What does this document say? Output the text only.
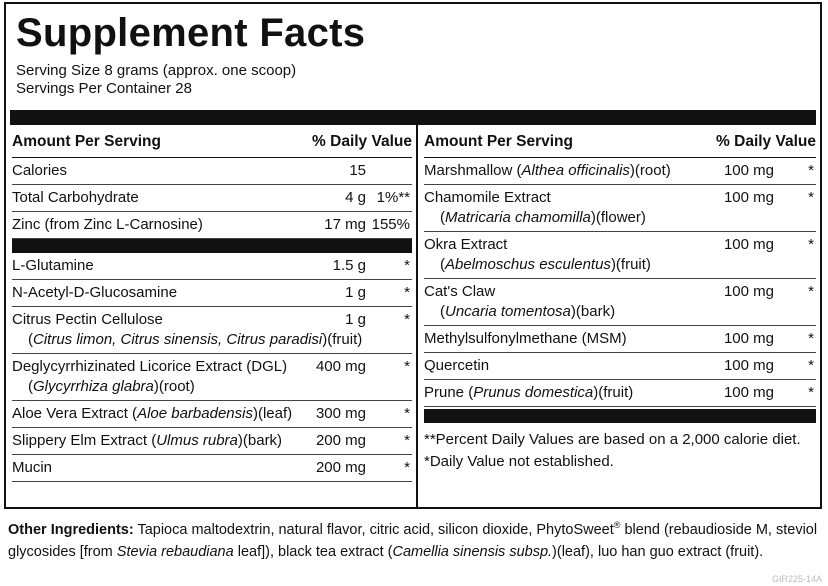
Supplement Facts
Serving Size 8 grams (approx. one scoop)
Servings Per Container 28
Amount Per Serving	% Daily Value
Calories	15
Total Carbohydrate	4 g 1%**
Zinc (from Zinc L-Carnosine)	17 mg 155%
L-Glutamine	1.5 g	*
N-Acetyl-D-Glucosamine	1 g	*
Citrus Pectin Cellulose
(Citrus limon, Citrus sinensis, Citrus paradisi)(fruit)
1 g	*
Deglycyrrhizinated Licorice Extract (DGL)
(Glycyrrhiza glabra)(root)
400 mg	*
Aloe Vera Extract (Aloe barbadensis)(leaf)	300 mg	*
Slippery Elm Extract (Ulmus rubra)(bark)	200 mg	*
Mucin	200 mg	*
Amount Per Serving	% Daily Value
Marshmallow (Althea officinalis)(root)	100 mg *
Chamomile Extract
(Matricaria chamomilla)(flower)
100 mg *
Okra Extract
(Abelmoschus esculentus)(fruit)
100 mg *
Cat's Claw
(Uncaria tomentosa)(bark)
100 mg *
Methylsulfonylmethane (MSM)	100 mg *
Quercetin	100 mg *
Prune (Prunus domestica)(fruit)	100 mg *
**Percent Daily Values are based on a 2,000 calorie diet.
*Daily Value not established.
Other Ingredients: Tapioca maltodextrin, natural flavor, citric acid, silicon dioxide, PhytoSweet® blend (rebaudioside M, steviol
glycosides [from Stevia rebaudiana leaf]), black tea extract (Camellia sinensis subsp.)(leaf), luo han guo extract (fruit).
GIR225-14A
